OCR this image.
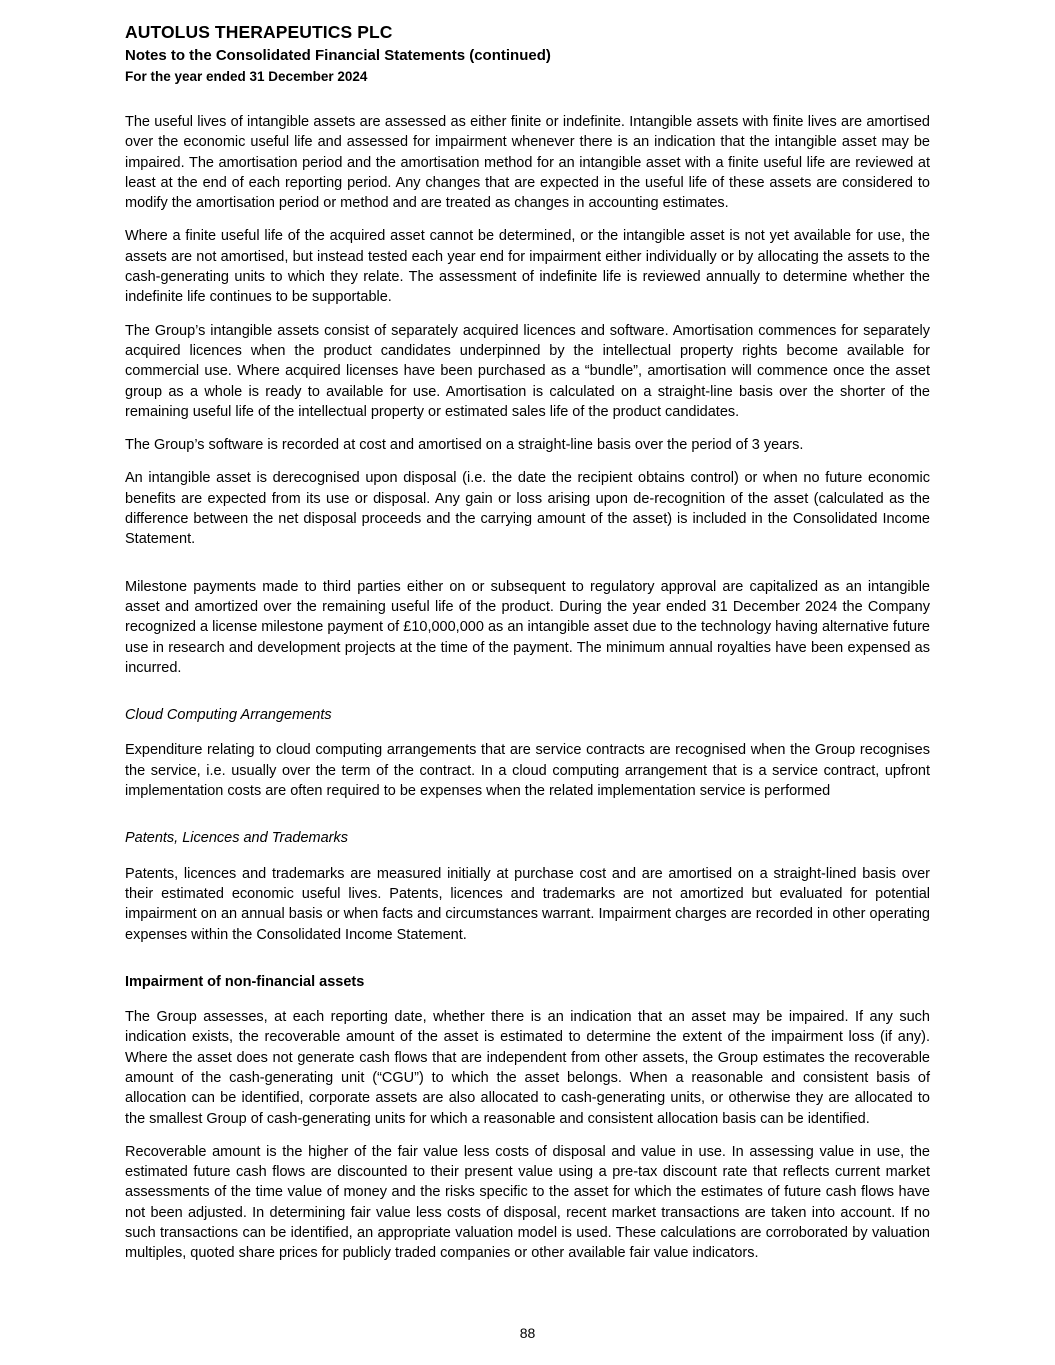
AUTOLUS THERAPEUTICS PLC
Notes to the Consolidated Financial Statements (continued)
For the year ended 31 December 2024

The useful lives of intangible assets are assessed as either finite or indefinite. Intangible assets with finite lives are amortised over the economic useful life and assessed for impairment whenever there is an indication that the intangible asset may be impaired. The amortisation period and the amortisation method for an intangible asset with a finite useful life are reviewed at least at the end of each reporting period. Any changes that are expected in the useful life of these assets are considered to modify the amortisation period or method and are treated as changes in accounting estimates.

Where a finite useful life of the acquired asset cannot be determined, or the intangible asset is not yet available for use, the assets are not amortised, but instead tested each year end for impairment either individually or by allocating the assets to the cash-generating units to which they relate. The assessment of indefinite life is reviewed annually to determine whether the indefinite life continues to be supportable.

The Group’s intangible assets consist of separately acquired licences and software. Amortisation commences for separately acquired licences when the product candidates underpinned by the intellectual property rights become available for commercial use. Where acquired licenses have been purchased as a “bundle”, amortisation will commence once the asset group as a whole is ready to available for use. Amortisation is calculated on a straight-line basis over the shorter of the remaining useful life of the intellectual property or estimated sales life of the product candidates.

The Group’s software is recorded at cost and amortised on a straight-line basis over the period of 3 years.

An intangible asset is derecognised upon disposal (i.e. the date the recipient obtains control) or when no future economic benefits are expected from its use or disposal. Any gain or loss arising upon de-recognition of the asset (calculated as the difference between the net disposal proceeds and the carrying amount of the asset) is included in the Consolidated Income Statement.

Milestone payments made to third parties either on or subsequent to regulatory approval are capitalized as an intangible asset and amortized over the remaining useful life of the product. During the year ended 31 December 2024 the Company recognized a license milestone payment of £10,000,000 as an intangible asset due to the technology having alternative future use in research and development projects at the time of the payment. The minimum annual royalties have been expensed as incurred.

Cloud Computing Arrangements

Expenditure relating to cloud computing arrangements that are service contracts are recognised when the Group recognises the service, i.e. usually over the term of the contract. In a cloud computing arrangement that is a service contract, upfront implementation costs are often required to be expenses when the related implementation service is performed

Patents, Licences and Trademarks

Patents, licences and trademarks are measured initially at purchase cost and are amortised on a straight-lined basis over their estimated economic useful lives. Patents, licences and trademarks are not amortized but evaluated for potential impairment on an annual basis or when facts and circumstances warrant. Impairment charges are recorded in other operating expenses within the Consolidated Income Statement.

Impairment of non-financial assets

The Group assesses, at each reporting date, whether there is an indication that an asset may be impaired. If any such indication exists, the recoverable amount of the asset is estimated to determine the extent of the impairment loss (if any). Where the asset does not generate cash flows that are independent from other assets, the Group estimates the recoverable amount of the cash-generating unit (“CGU”) to which the asset belongs. When a reasonable and consistent basis of allocation can be identified, corporate assets are also allocated to cash-generating units, or otherwise they are allocated to the smallest Group of cash-generating units for which a reasonable and consistent allocation basis can be identified.

Recoverable amount is the higher of the fair value less costs of disposal and value in use. In assessing value in use, the estimated future cash flows are discounted to their present value using a pre-tax discount rate that reflects current market assessments of the time value of money and the risks specific to the asset for which the estimates of future cash flows have not been adjusted. In determining fair value less costs of disposal, recent market transactions are taken into account. If no such transactions can be identified, an appropriate valuation model is used. These calculations are corroborated by valuation multiples, quoted share prices for publicly traded companies or other available fair value indicators.

88
